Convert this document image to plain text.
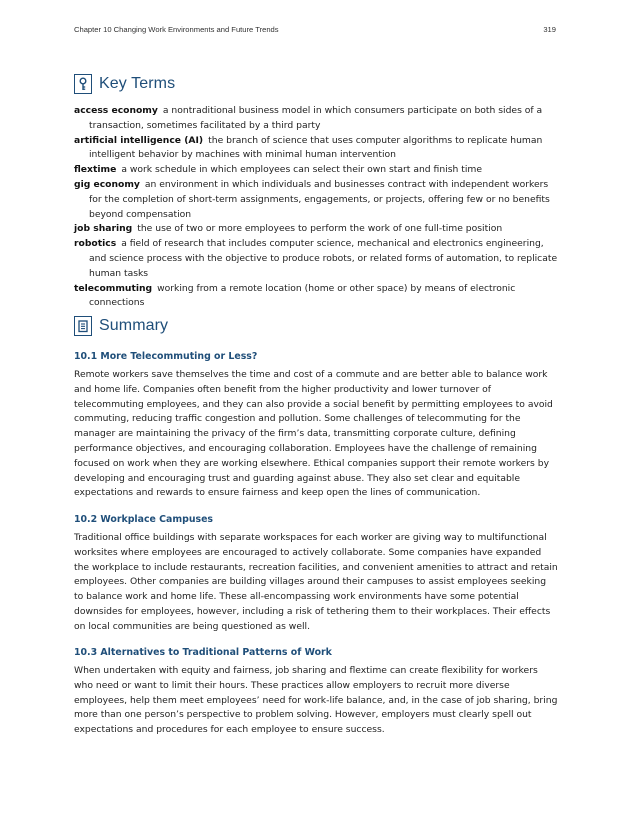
Chapter 10 Changing Work Environments and Future Trends	319
Key Terms

access economy a nontraditional business model in which consumers participate on both sides of a transaction, sometimes facilitated by a third party

artificial intelligence (AI) the branch of science that uses computer algorithms to replicate human intelligent behavior by machines with minimal human intervention

flextime a work schedule in which employees can select their own start and finish time

gig economy an environment in which individuals and businesses contract with independent workers for the completion of short-term assignments, engagements, or projects, offering few or no benefits beyond compensation

job sharing the use of two or more employees to perform the work of one full-time position

robotics a field of research that includes computer science, mechanical and electronics engineering, and science process with the objective to produce robots, or related forms of automation, to replicate human tasks

telecommuting working from a remote location (home or other space) by means of electronic connections

Summary

10.1 More Telecommuting or Less?

Remote workers save themselves the time and cost of a commute and are better able to balance work and home life. Companies often benefit from the higher productivity and lower turnover of telecommuting employees, and they can also provide a social benefit by permitting employees to avoid commuting, reducing traffic congestion and pollution. Some challenges of telecommuting for the manager are maintaining the privacy of the firm’s data, transmitting corporate culture, defining performance objectives, and encouraging collaboration. Employees have the challenge of remaining focused on work when they are working elsewhere. Ethical companies support their remote workers by developing and encouraging trust and guarding against abuse. They also set clear and equitable expectations and rewards to ensure fairness and keep open the lines of communication.

10.2 Workplace Campuses

Traditional office buildings with separate workspaces for each worker are giving way to multifunctional worksites where employees are encouraged to actively collaborate. Some companies have expanded the workplace to include restaurants, recreation facilities, and convenient amenities to attract and retain employees. Other companies are building villages around their campuses to assist employees seeking to balance work and home life. These all-encompassing work environments have some potential downsides for employees, however, including a risk of tethering them to their workplaces. Their effects on local communities are being questioned as well.

10.3 Alternatives to Traditional Patterns of Work

When undertaken with equity and fairness, job sharing and flextime can create flexibility for workers who need or want to limit their hours. These practices allow employers to recruit more diverse employees, help them meet employees’ need for work-life balance, and, in the case of job sharing, bring more than one person’s perspective to problem solving. However, employers must clearly spell out expectations and procedures for each employee to ensure success.
